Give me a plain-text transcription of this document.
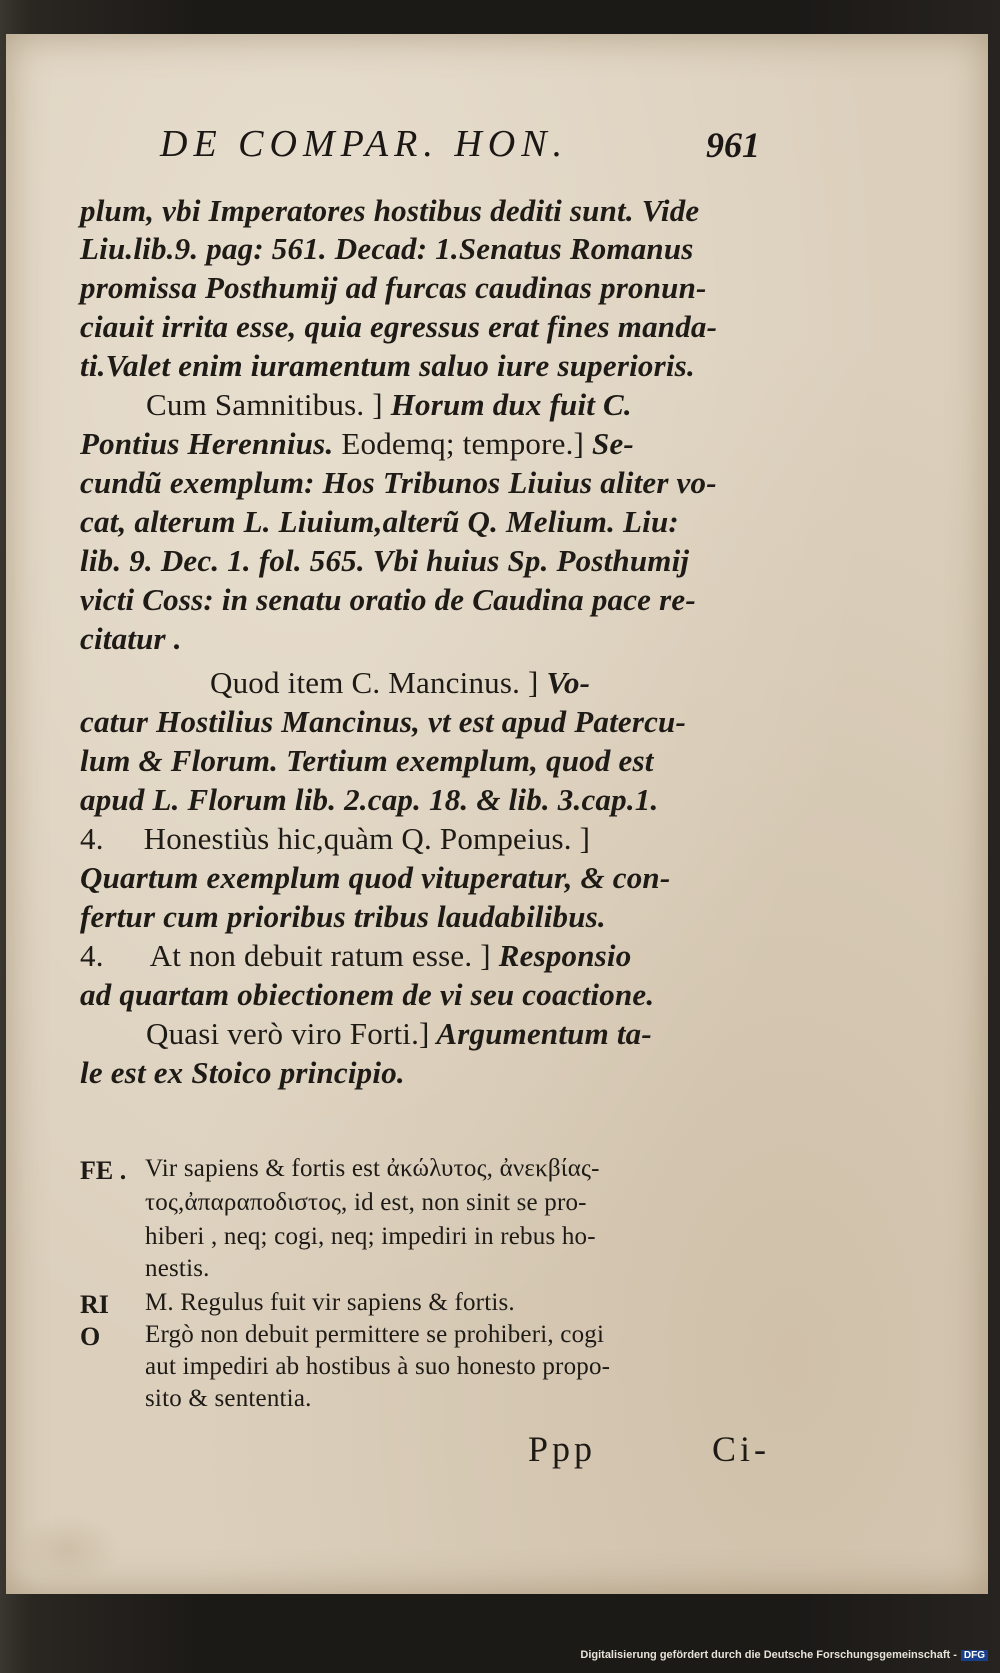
DE COMPAR. HON.	961
plum, vbi Imperatores hostibus dediti sunt. Vide
Liu.lib.9. pag: 561. Decad: 1.Senatus Romanus
promissa Posthumij ad furcas caudinas pronun-
ciauit irrita esse, quia egressus erat fines manda-
ti.Valet enim iuramentum saluo iure superioris.
Cum Samnitibus. ] Horum dux fuit C.
Pontius Herennius. Eodemq; tempore.] Se-
cundũ exemplum: Hos Tribunos Liuius aliter vo-
cat, alterum L. Liuium,alterũ Q. Melium. Liu:
lib. 9. Dec. 1. fol. 565. Vbi huius Sp. Posthumij
victi Coss: in senatu oratio de Caudina pace re-
citatur .
Quod item C. Mancinus. ] Vo-
catur Hostilius Mancinus, vt est apud Patercu-
lum & Florum. Tertium exemplum, quod est
apud L. Florum lib. 2.cap. 18. & lib. 3.cap.1.
4. Honestiùs hic,quàm Q. Pompeius. ]
Quartum exemplum quod vituperatur, & con-
fertur cum prioribus tribus laudabilibus.
4. At non debuit ratum esse. ] Responsio
ad quartam obiectionem de vi seu coactione.
Quasi verò viro Forti.] Argumentum ta-
le est ex Stoico principio.
FE . Vir sapiens & fortis est ἀκώλυτος, ἀνεκβίας-
τος,ἀπαραποδιστος, id est, non sinit se pro-
hiberi , neq; cogi, neq; impediri in rebus ho-
nestis.
RI M. Regulus fuit vir sapiens & fortis.
O Ergò non debuit permittere se prohiberi, cogi
aut impediri ab hostibus à suo honesto propo-
sito & sententia.
Ppp	Ci-
Digitalisierung gefördert durch die Deutsche Forschungsgemeinschaft - DFG
